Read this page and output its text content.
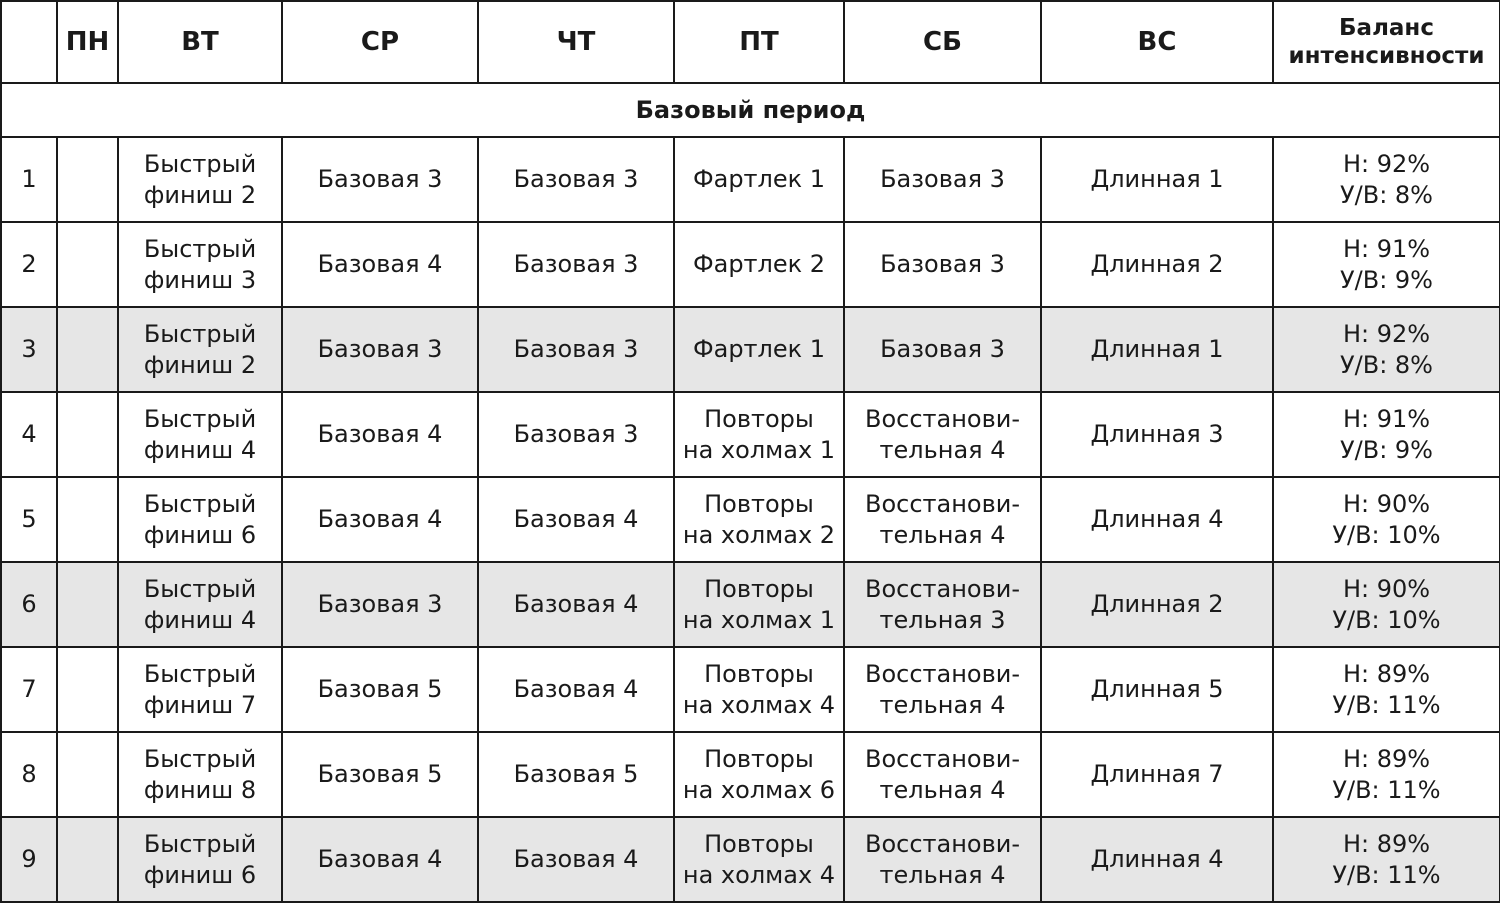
	ПН	ВТ	СР	ЧТ	ПТ	СБ	ВС	Баланс
интенсивности

Базовый период								
1		Быстрый
финиш 2	Базовая 3	Базовая 3	Фартлек 1	Базовая 3	Длинная 1	Н: 92%
У/В: 8%

2		Быстрый
финиш 3	Базовая 4	Базовая 3	Фартлек 2	Базовая 3	Длинная 2	Н: 91%
У/В: 9%

3		Быстрый
финиш 2	Базовая 3	Базовая 3	Фартлек 1	Базовая 3	Длинная 1	Н: 92%
У/В: 8%

4		Быстрый
финиш 4	Базовая 4	Базовая 3	Повторы
на холмах 1	Восстанови-
тельная 4	Длинная 3	Н: 91%
У/В: 9%

5		Быстрый
финиш 6	Базовая 4	Базовая 4	Повторы
на холмах 2	Восстанови-
тельная 4	Длинная 4	Н: 90%
У/В: 10%

6		Быстрый
финиш 4	Базовая 3	Базовая 4	Повторы
на холмах 1	Восстанови-
тельная 3	Длинная 2	Н: 90%
У/В: 10%

7		Быстрый
финиш 7	Базовая 5	Базовая 4	Повторы
на холмах 4	Восстанови-
тельная 4	Длинная 5	Н: 89%
У/В: 11%

8		Быстрый
финиш 8	Базовая 5	Базовая 5	Повторы
на холмах 6	Восстанови-
тельная 4	Длинная 7	Н: 89%
У/В: 11%

9		Быстрый
финиш 6	Базовая 4	Базовая 4	Повторы
на холмах 4	Восстанови-
тельная 4	Длинная 4	Н: 89%
У/В: 11%
